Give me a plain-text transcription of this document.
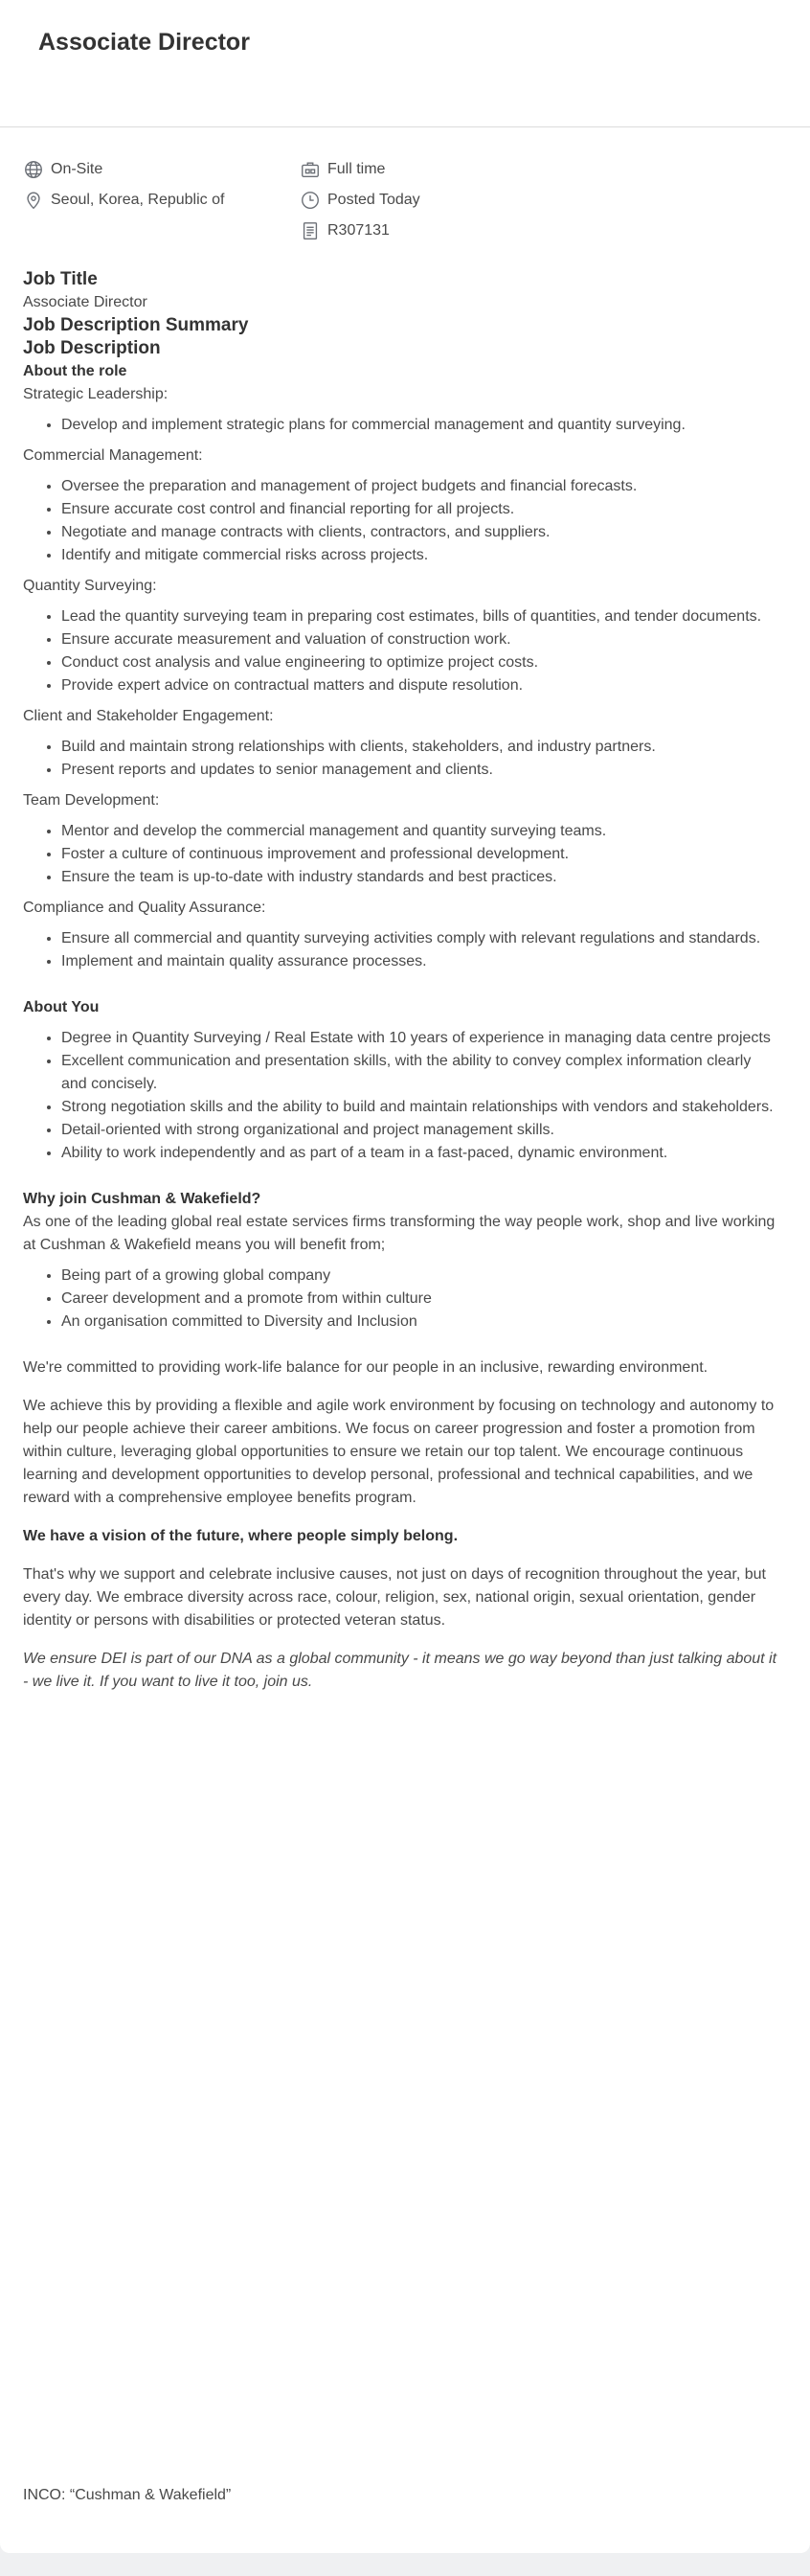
Associate Director
On-Site
Seoul, Korea, Republic of
Full time
Posted Today
R307131
Job Title

Associate Director

Job Description Summary
Job Description
About the role

Strategic Leadership:

• Develop and implement strategic plans for commercial management and quantity surveying.

Commercial Management:

• Oversee the preparation and management of project budgets and financial forecasts.
• Ensure accurate cost control and financial reporting for all projects.
• Negotiate and manage contracts with clients, contractors, and suppliers.
• Identify and mitigate commercial risks across projects.

Quantity Surveying:

• Lead the quantity surveying team in preparing cost estimates, bills of quantities, and tender documents.
• Ensure accurate measurement and valuation of construction work.
• Conduct cost analysis and value engineering to optimize project costs.
• Provide expert advice on contractual matters and dispute resolution.

Client and Stakeholder Engagement:

• Build and maintain strong relationships with clients, stakeholders, and industry partners.
• Present reports and updates to senior management and clients.

Team Development:

• Mentor and develop the commercial management and quantity surveying teams.
• Foster a culture of continuous improvement and professional development.
• Ensure the team is up-to-date with industry standards and best practices.

Compliance and Quality Assurance:

• Ensure all commercial and quantity surveying activities comply with relevant regulations and standards.
• Implement and maintain quality assurance processes.
About You
• Degree in Quantity Surveying / Real Estate with 10 years of experience in managing data centre projects
• Excellent communication and presentation skills, with the ability to convey complex information clearly and concisely.
• Strong negotiation skills and the ability to build and maintain relationships with vendors and stakeholders.
• Detail-oriented with strong organizational and project management skills.
• Ability to work independently and as part of a team in a fast-paced, dynamic environment.
Why join Cushman & Wakefield?

As one of the leading global real estate services firms transforming the way people work, shop and live working at Cushman & Wakefield means you will benefit from;

• Being part of a growing global company
• Career development and a promote from within culture
• An organisation committed to Diversity and Inclusion

We're committed to providing work-life balance for our people in an inclusive, rewarding environment.

We achieve this by providing a flexible and agile work environment by focusing on technology and autonomy to help our people achieve their career ambitions. We focus on career progression and foster a promotion from within culture, leveraging global opportunities to ensure we retain our top talent. We encourage continuous learning and development opportunities to develop personal, professional and technical capabilities, and we reward with a comprehensive employee benefits program.

We have a vision of the future, where people simply belong.

That's why we support and celebrate inclusive causes, not just on days of recognition throughout the year, but every day. We embrace diversity across race, colour, religion, sex, national origin, sexual orientation, gender identity or persons with disabilities or protected veteran status.

We ensure DEI is part of our DNA as a global community - it means we go way beyond than just talking about it - we live it. If you want to live it too, join us.

INCO: “Cushman & Wakefield”
